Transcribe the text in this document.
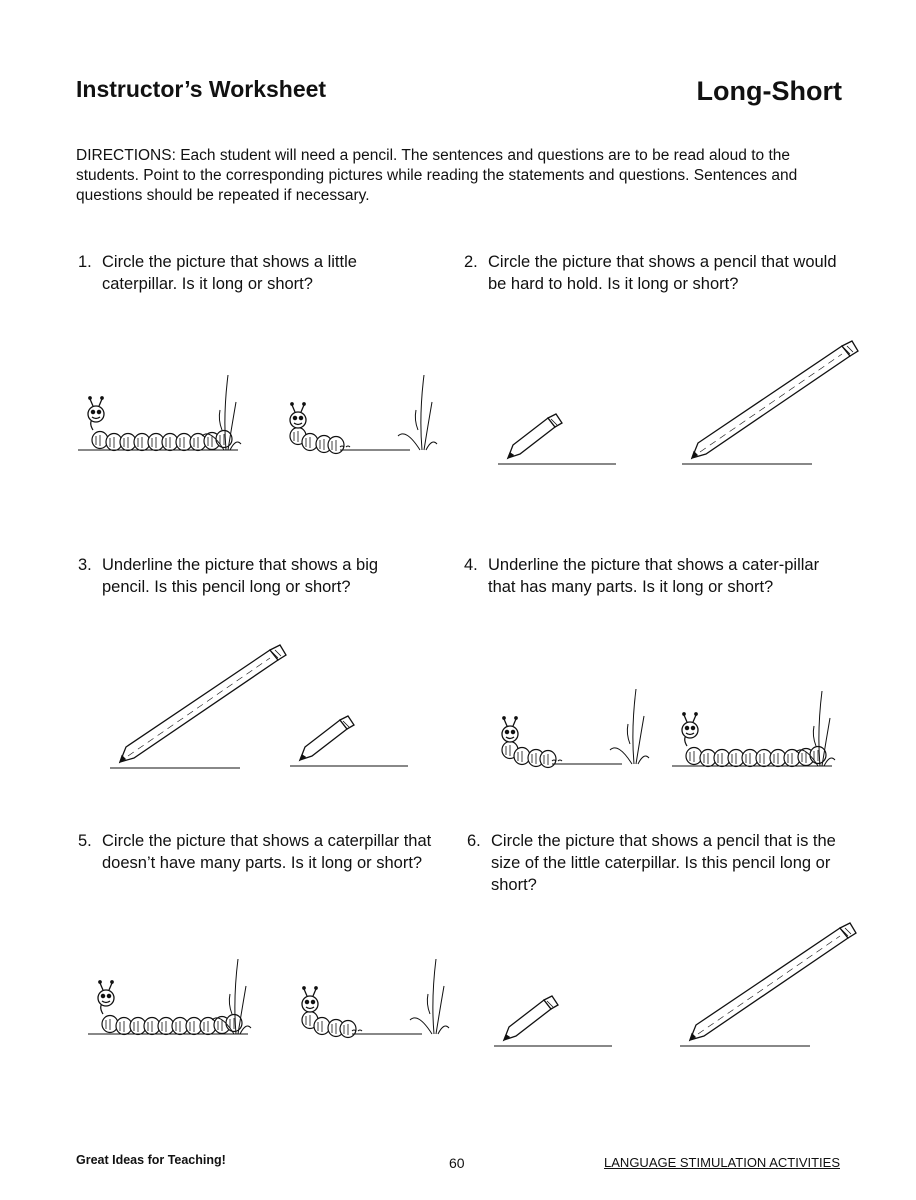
Instructor’s Worksheet	Long-Short
DIRECTIONS: Each student will need a pencil. The sentences and questions are to be read aloud to the students. Point to the corresponding pictures while reading the statements and questions. Sentences and questions should be repeated if necessary.
1. Circle the picture that shows a little caterpillar. Is it long or short?
2. Circle the picture that shows a pencil that would be hard to hold. Is it long or short?
3. Underline the picture that shows a big pencil. Is this pencil long or short?
4. Underline the picture that shows a cater-pillar that has many parts. Is it long or short?
5. Circle the picture that shows a caterpillar that doesn’t have many parts. Is it long or short?
6. Circle the picture that shows a pencil that is the size of the little caterpillar. Is this pencil long or short?
Great Ideas for Teaching!	60	LANGUAGE STIMULATION ACTIVITIES
